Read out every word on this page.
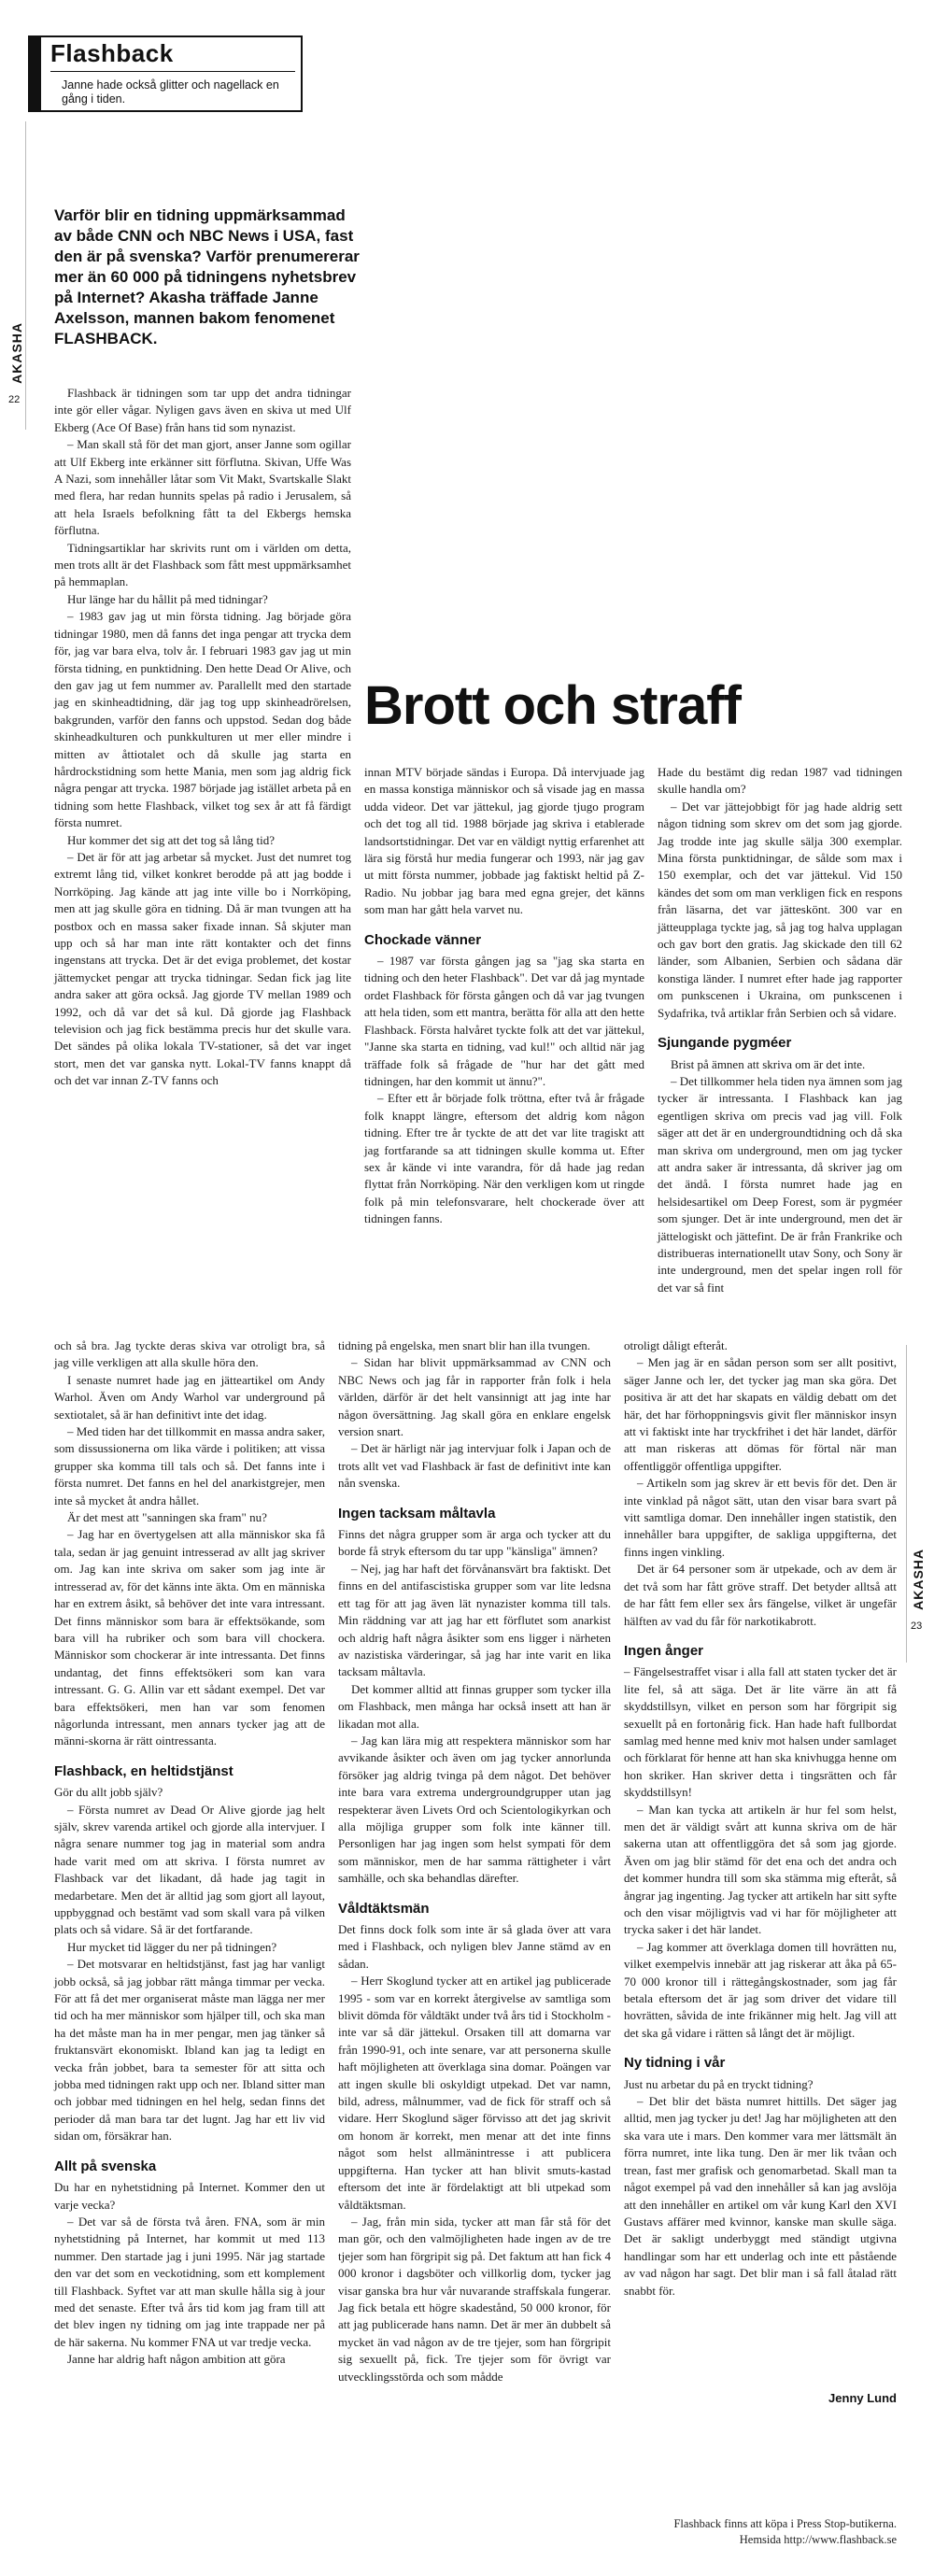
Flashback
Janne hade också glitter och nagellack en gång i tiden.
AKASHA
22
AKASHA
23
Varför blir en tidning uppmärksammad av både CNN och NBC News i USA, fast den är på svenska? Varför prenumererar mer än 60 000 på tidningens nyhetsbrev på Internet? Akasha träffade Janne Axelsson, mannen bakom fenomenet FLASHBACK.
Brott och straff

Flashback är tidningen som tar upp det andra tidningar inte gör eller vågar. Nyligen gavs även en skiva ut med Ulf Ekberg (Ace Of Base) från hans tid som nynazist.

– Man skall stå för det man gjort, anser Janne som ogillar att Ulf Ekberg inte erkänner sitt förflutna. Skivan, Uffe Was A Nazi, som innehåller låtar som Vit Makt, Svartskalle Slakt med flera, har redan hunnits spelas på radio i Jerusalem, så att hela Israels befolkning fått ta del Ekbergs hemska förflutna.

Tidningsartiklar har skrivits runt om i världen om detta, men trots allt är det Flashback som fått mest uppmärksamhet på hemmaplan.

Hur länge har du hållit på med tidningar?

– 1983 gav jag ut min första tidning. Jag började göra tidningar 1980, men då fanns det inga pengar att trycka dem för, jag var bara elva, tolv år. I februari 1983 gav jag ut min första tidning, en punktidning. Den hette Dead Or Alive, och den gav jag ut fem nummer av. Parallellt med den startade jag en skinheadtidning, där jag tog upp skinheadrörelsen, bakgrunden, varför den fanns och uppstod. Sedan dog både skinheadkulturen och punkkulturen ut mer eller mindre i mitten av åttiotalet och då skulle jag starta en hårdrockstidning som hette Mania, men som jag aldrig fick några pengar att trycka. 1987 började jag istället arbeta på en tidning som hette Flashback, vilket tog sex år att få färdigt första numret.

Hur kommer det sig att det tog så lång tid?

– Det är för att jag arbetar så mycket. Just det numret tog extremt lång tid, vilket konkret berodde på att jag bodde i Norrköping. Jag kände att jag inte ville bo i Norrköping, men att jag skulle göra en tidning. Då är man tvungen att ha postbox och en massa saker fixade innan. Så skjuter man upp och så har man inte rätt kontakter och det finns ingenstans att trycka. Det är det eviga problemet, det kostar jättemycket pengar att trycka tidningar. Sedan fick jag lite andra saker att göra också. Jag gjorde TV mellan 1989 och 1992, och då var det så kul. Då gjorde jag Flashback television och jag fick bestämma precis hur det skulle vara. Det sändes på olika lokala TV-stationer, så det var inget stort, men det var ganska nytt. Lokal-TV fanns knappt då och det var innan Z-TV fanns och

innan MTV började sändas i Europa. Då intervjuade jag en massa konstiga människor och så visade jag en massa udda videor. Det var jättekul, jag gjorde tjugo program och det tog all tid. 1988 började jag skriva i etablerade landsortstidningar. Det var en väldigt nyttig erfarenhet att lära sig förstå hur media fungerar och 1993, när jag gav ut mitt första nummer, jobbade jag faktiskt heltid på Z-Radio. Nu jobbar jag bara med egna grejer, det känns som man har gått hela varvet nu.

Chockade vänner

– 1987 var första gången jag sa "jag ska starta en tidning och den heter Flashback". Det var då jag myntade ordet Flashback för första gången och då var jag tvungen att hela tiden, som ett mantra, berätta för alla att den hette Flashback. Första halvåret tyckte folk att det var jättekul, "Janne ska starta en tidning, vad kul!" och alltid när jag träffade folk så frågade de "hur har det gått med tidningen, har den kommit ut ännu?".

– Efter ett år började folk tröttna, efter två år frågade folk knappt längre, eftersom det aldrig kom någon tidning. Efter tre år tyckte de att det var lite tragiskt att jag fortfarande sa att tidningen skulle komma ut. Efter sex år kände vi inte varandra, för då hade jag redan flyttat från Norrköping. När den verkligen kom ut ringde folk på min telefonsvarare, helt chockerade över att tidningen fanns.

Hade du bestämt dig redan 1987 vad tidningen skulle handla om?

– Det var jättejobbigt för jag hade aldrig sett någon tidning som skrev om det som jag gjorde. Jag trodde inte jag skulle sälja 300 exemplar. Mina första punktidningar, de sålde som max i 150 exemplar, och det var jättekul. Vid 150 kändes det som om man verkligen fick en respons från läsarna, det var jätteskönt. 300 var en jätteupplaga tyckte jag, så jag tog halva upplagan och gav bort den gratis. Jag skickade den till 62 länder, som Albanien, Serbien och sådana där konstiga länder. I numret efter hade jag rapporter om punkscenen i Ukraina, om punkscenen i Sydafrika, två artiklar från Serbien och så vidare.

Sjungande pygméer

Brist på ämnen att skriva om är det inte.

– Det tillkommer hela tiden nya ämnen som jag tycker är intressanta. I Flashback kan jag egentligen skriva om precis vad jag vill. Folk säger att det är en undergroundtidning och då ska man skriva om underground, men om jag tycker att andra saker är intressanta, då skriver jag om det ändå. I första numret hade jag en helsidesartikel om Deep Forest, som är pygméer som sjunger. Det är inte underground, men det är jättelogiskt och jättefint. De är från Frankrike och distribueras internationellt utav Sony, och Sony är inte underground, men det spelar ingen roll för det var så fint

och så bra. Jag tyckte deras skiva var otroligt bra, så jag ville verkligen att alla skulle höra den.

I senaste numret hade jag en jätteartikel om Andy Warhol. Även om Andy Warhol var underground på sextiotalet, så är han definitivt inte det idag.

– Med tiden har det tillkommit en massa andra saker, som dissussionerna om lika värde i politiken; att vissa grupper ska komma till tals och så. Det fanns inte i första numret. Det fanns en hel del anarkistgrejer, men inte så mycket åt andra hållet.

Är det mest att "sanningen ska fram" nu?

– Jag har en övertygelsen att alla människor ska få tala, sedan är jag genuint intresserad av allt jag skriver om. Jag kan inte skriva om saker som jag inte är intresserad av, för det känns inte äkta. Om en människa har en extrem åsikt, så behöver det inte vara intressant. Det finns människor som bara är effektsökande, som bara vill ha rubriker och som bara vill chockera. Människor som chockerar är inte intressanta. Det finns undantag, det finns effektsökeri som kan vara intressant. G. G. Allin var ett sådant exempel. Det var bara effektsökeri, men han var som fenomen någorlunda intressant, men annars tycker jag att de männi-skorna är rätt ointressanta.

Flashback, en heltidstjänst

Gör du allt jobb själv?

– Första numret av Dead Or Alive gjorde jag helt själv, skrev varenda artikel och gjorde alla intervjuer. I några senare nummer tog jag in material som andra hade varit med om att skriva. I första numret av Flashback var det likadant, då hade jag tagit in medarbetare. Men det är alltid jag som gjort all layout, uppbyggnad och bestämt vad som skall vara på vilken plats och så vidare. Så är det fortfarande.

Hur mycket tid lägger du ner på tidningen?

– Det motsvarar en heltidstjänst, fast jag har vanligt jobb också, så jag jobbar rätt många timmar per vecka. För att få det mer organiserat måste man lägga ner mer tid och ha mer människor som hjälper till, och ska man ha det måste man ha in mer pengar, men jag tänker så fruktansvärt ekonomiskt. Ibland kan jag ta ledigt en vecka från jobbet, bara ta semester för att sitta och jobba med tidningen rakt upp och ner. Ibland sitter man och jobbar med tidningen en hel helg, sedan finns det perioder då man bara tar det lugnt. Jag har ett liv vid sidan om, försäkrar han.

Allt på svenska

Du har en nyhetstidning på Internet. Kommer den ut varje vecka?

– Det var så de första två åren. FNA, som är min nyhetstidning på Internet, har kommit ut med 113 nummer. Den startade jag i juni 1995. När jag startade den var det som en veckotidning, som ett komplement till Flashback. Syftet var att man skulle hålla sig à jour med det senaste. Efter två års tid kom jag fram till att det blev ingen ny tidning om jag inte trappade ner på de här sakerna. Nu kommer FNA ut var tredje vecka.

Janne har aldrig haft någon ambition att göra

tidning på engelska, men snart blir han illa tvungen.

– Sidan har blivit uppmärksammad av CNN och NBC News och jag får in rapporter från folk i hela världen, därför är det helt vansinnigt att jag inte har någon översättning. Jag skall göra en enklare engelsk version snart.

– Det är härligt när jag intervjuar folk i Japan och de trots allt vet vad Flashback är fast de definitivt inte kan nån svenska.

Ingen tacksam måltavla

Finns det några grupper som är arga och tycker att du borde få stryk eftersom du tar upp "känsliga" ämnen?

– Nej, jag har haft det förvånansvärt bra faktiskt. Det finns en del antifascistiska grupper som var lite ledsna ett tag för att jag även lät nynazister komma till tals. Min räddning var att jag har ett förflutet som anarkist och aldrig haft några åsikter som ens ligger i närheten av nazistiska värderingar, så jag har inte varit en lika tacksam måltavla.

Det kommer alltid att finnas grupper som tycker illa om Flashback, men många har också insett att han är likadan mot alla.

– Jag kan lära mig att respektera människor som har avvikande åsikter och även om jag tycker annorlunda försöker jag aldrig tvinga på dem något. Det behöver inte bara vara extrema undergroundgrupper utan jag respekterar även Livets Ord och Scientologikyrkan och alla möjliga grupper som folk inte känner till. Personligen har jag ingen som helst sympati för dem som människor, men de har samma rättigheter i vårt samhälle, och ska behandlas därefter.

Våldtäktsmän

Det finns dock folk som inte är så glada över att vara med i Flashback, och nyligen blev Janne stämd av en sådan.

– Herr Skoglund tycker att en artikel jag publicerade 1995 - som var en korrekt återgivelse av samtliga som blivit dömda för våldtäkt under två års tid i Stockholm - inte var så där jättekul. Orsaken till att domarna var från 1990-91, och inte senare, var att personerna skulle haft möjligheten att överklaga sina domar. Poängen var att ingen skulle bli oskyldigt utpekad. Det var namn, bild, adress, målnummer, vad de fick för straff och så vidare. Herr Skoglund säger förvisso att det jag skrivit om honom är korrekt, men menar att det inte finns något som helst allmänintresse i att publicera uppgifterna. Han tycker att han blivit smuts-kastad eftersom det inte är fördelaktigt att bli utpekad som våldtäktsman.

– Jag, från min sida, tycker att man får stå för det man gör, och den valmöjligheten hade ingen av de tre tjejer som han förgripit sig på. Det faktum att han fick 4 000 kronor i dagsböter och villkorlig dom, tycker jag visar ganska bra hur vår nuvarande straffskala fungerar. Jag fick betala ett högre skadestånd, 50 000 kronor, för att jag publicerade hans namn. Det är mer än dubbelt så mycket än vad någon av de tre tjejer, som han förgripit sig sexuellt på, fick. Tre tjejer som för övrigt var utvecklingsstörda och som mådde

otroligt dåligt efteråt.

– Men jag är en sådan person som ser allt positivt, säger Janne och ler, det tycker jag man ska göra. Det positiva är att det har skapats en väldig debatt om det här, det har förhoppningsvis givit fler människor insyn att vi faktiskt inte har tryckfrihet i det här landet, därför att man riskeras att dömas för förtal när man offentliggör offentliga uppgifter.

– Artikeln som jag skrev är ett bevis för det. Den är inte vinklad på något sätt, utan den visar bara svart på vitt samtliga domar. Den innehåller ingen statistik, den innehåller bara uppgifter, de sakliga uppgifterna, det finns ingen vinkling.

Det är 64 personer som är utpekade, och av dem är det två som har fått gröve straff. Det betyder alltså att de har fått fem eller sex års fängelse, vilket är ungefär hälften av vad du får för narkotikabrott.

Ingen ånger

– Fängelsestraffet visar i alla fall att staten tycker det är lite fel, så att säga. Det är lite värre än att få skyddstillsyn, vilket en person som har förgripit sig sexuellt på en fortonårig fick. Han hade haft fullbordat samlag med henne med kniv mot halsen under samlaget och förklarat för henne att han ska knivhugga henne om hon skriker. Han skriver detta i tingsrätten och får skyddstillsyn!

– Man kan tycka att artikeln är hur fel som helst, men det är väldigt svårt att kunna skriva om de här sakerna utan att offentliggöra det så som jag gjorde. Även om jag blir stämd för det ena och det andra och det kommer hundra till som ska stämma mig efteråt, så ångrar jag ingenting. Jag tycker att artikeln har sitt syfte och den visar möjligtvis vad vi har för möjligheter att trycka saker i det här landet.

– Jag kommer att överklaga domen till hovrätten nu, vilket exempelvis innebär att jag riskerar att åka på 65-70 000 kronor till i rättegångskostnader, som jag får betala eftersom det är jag som driver det vidare till hovrätten, såvida de inte frikänner mig helt. Jag vill att det ska gå vidare i rätten så långt det är möjligt.

Ny tidning i vår

Just nu arbetar du på en tryckt tidning?

– Det blir det bästa numret hittills. Det säger jag alltid, men jag tycker ju det! Jag har möjligheten att den ska vara ute i mars. Den kommer vara mer lättsmält än förra numret, inte lika tung. Den är mer lik tvåan och trean, fast mer grafisk och genomarbetad. Skall man ta något exempel på vad den innehåller så kan jag avslöja att den innehåller en artikel om vår kung Karl den XVI Gustavs affärer med kvinnor, kanske man skulle säga. Det är sakligt underbyggt med ständigt utgivna handlingar som har ett underlag och inte ett påstående av vad någon har sagt. Det blir man i så fall åtalad rätt snabbt för.

Jenny Lund
Flashback finns att köpa i Press Stop-butikerna.
Hemsida http://www.flashback.se
